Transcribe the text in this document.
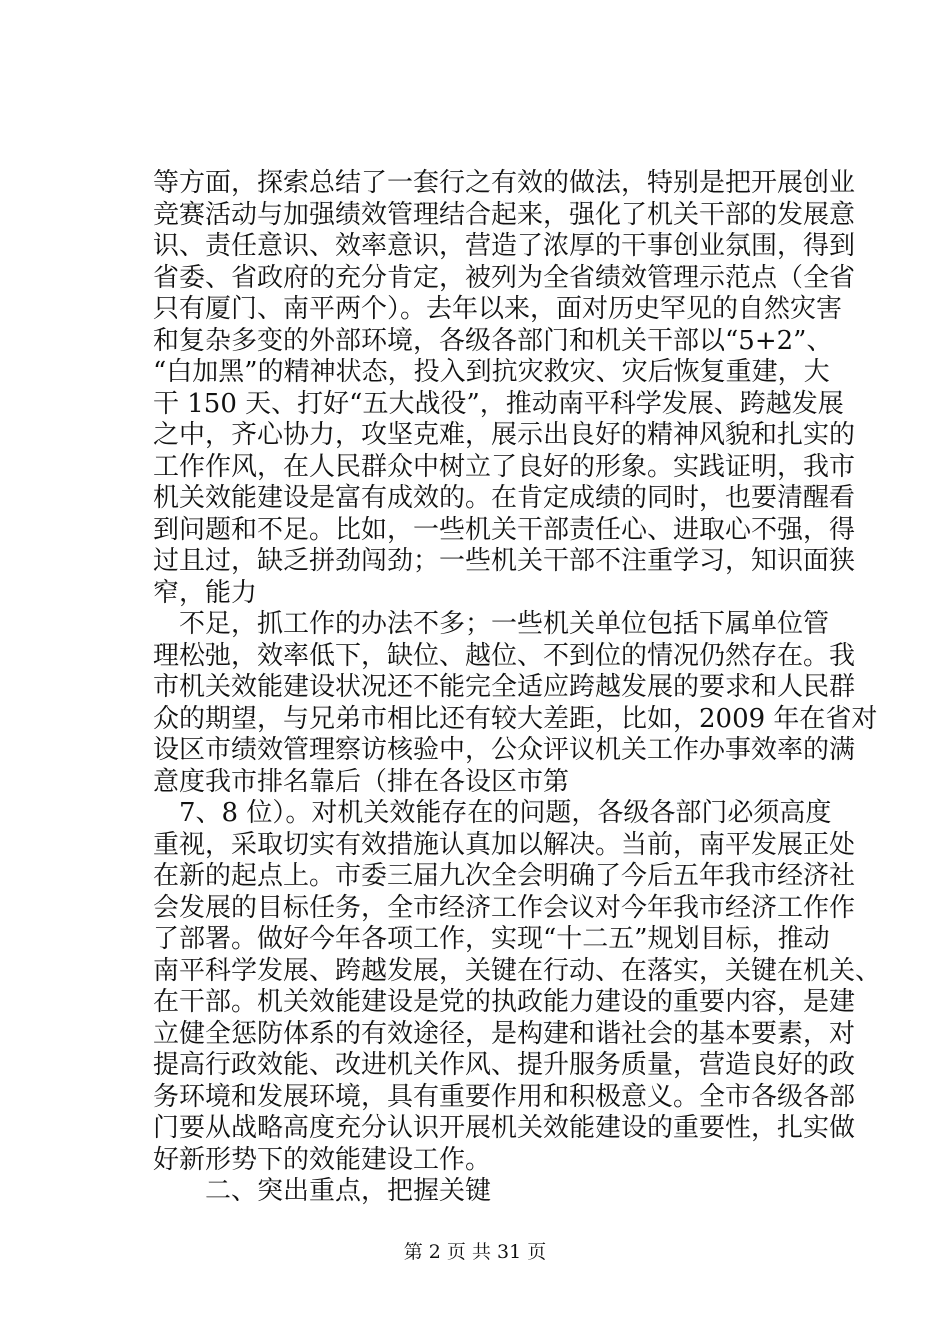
等方面，探索总结了一套行之有效的做法，特别是把开展创业

竞赛活动与加强绩效管理结合起来，强化了机关干部的发展意

识、责任意识、效率意识，营造了浓厚的干事创业氛围，得到

省委、省政府的充分肯定，被列为全省绩效管理示范点（全省

只有厦门、南平两个）。去年以来，面对历史罕见的自然灾害

和复杂多变的外部环境，各级各部门和机关干部以“5+2”、

“白加黑”的精神状态，投入到抗灾救灾、灾后恢复重建，大

干 150 天、打好“五大战役”，推动南平科学发展、跨越发展

之中，齐心协力，攻坚克难，展示出良好的精神风貌和扎实的

工作作风，在人民群众中树立了良好的形象。实践证明，我市

机关效能建设是富有成效的。在肯定成绩的同时，也要清醒看

到问题和不足。比如，一些机关干部责任心、进取心不强，得

过且过，缺乏拼劲闯劲；一些机关干部不注重学习，知识面狭

窄，能力

　不足，抓工作的办法不多；一些机关单位包括下属单位管

理松弛，效率低下，缺位、越位、不到位的情况仍然存在。我

市机关效能建设状况还不能完全适应跨越发展的要求和人民群

众的期望，与兄弟市相比还有较大差距，比如，2009 年在省对

设区市绩效管理察访核验中，公众评议机关工作办事效率的满

意度我市排名靠后（排在各设区市第

　7、8 位）。对机关效能存在的问题，各级各部门必须高度

重视，采取切实有效措施认真加以解决。当前，南平发展正处

在新的起点上。市委三届九次全会明确了今后五年我市经济社

会发展的目标任务，全市经济工作会议对今年我市经济工作作

了部署。做好今年各项工作，实现“十二五”规划目标，推动

南平科学发展、跨越发展，关键在行动、在落实，关键在机关、

在干部。机关效能建设是党的执政能力建设的重要内容，是建

立健全惩防体系的有效途径，是构建和谐社会的基本要素，对

提高行政效能、改进机关作风、提升服务质量，营造良好的政

务环境和发展环境，具有重要作用和积极意义。全市各级各部

门要从战略高度充分认识开展机关效能建设的重要性，扎实做

好新形势下的效能建设工作。

　　二、突出重点，把握关键

第 2 页 共 31 页
